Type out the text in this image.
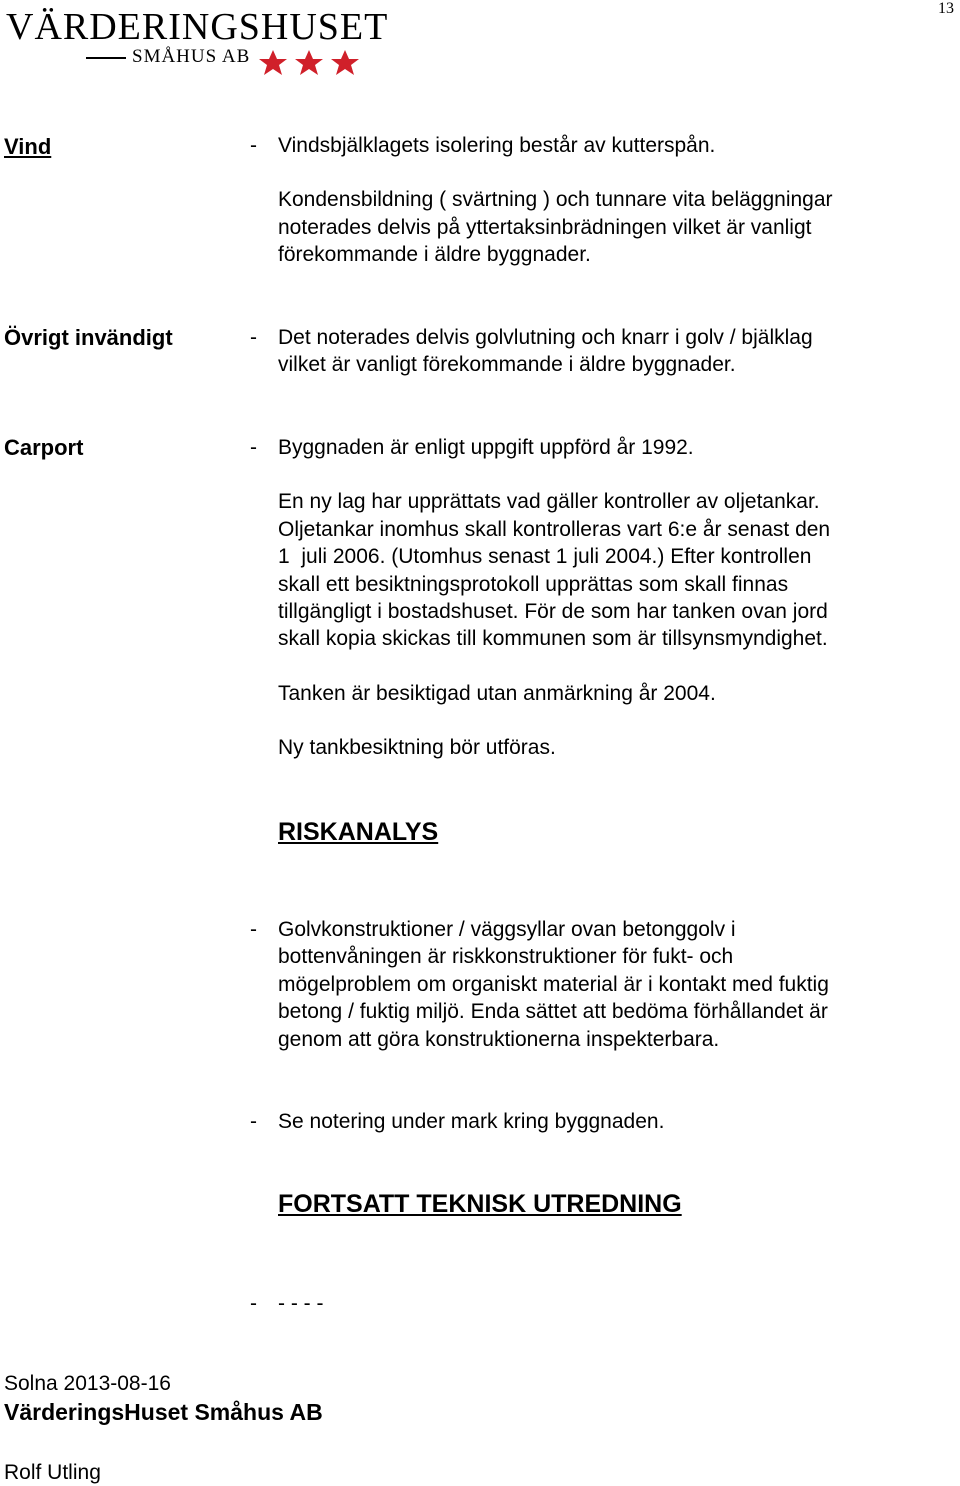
13
VÄRDERINGSHUSET
SMÅHUS AB
Vind	- Vindsbjälklagets isolering består av kutterspån.
Kondensbildning ( svärtning ) och tunnare vita beläggningar
noterades delvis på yttertaksinbrädningen vilket är vanligt
förekommande i äldre byggnader.
Övrigt invändigt	- Det noterades delvis golvlutning och knarr i golv / bjälklag
vilket är vanligt förekommande i äldre byggnader.
Carport	- Byggnaden är enligt uppgift uppförd år 1992.
En ny lag har upprättats vad gäller kontroller av oljetankar.
Oljetankar inomhus skall kontrolleras vart 6:e år senast den
1  juli 2006. (Utomhus senast 1 juli 2004.) Efter kontrollen
skall ett besiktningsprotokoll upprättas som skall finnas
tillgängligt i bostadshuset. För de som har tanken ovan jord
skall kopia skickas till kommunen som är tillsynsmyndighet.
Tanken är besiktigad utan anmärkning år 2004.
Ny tankbesiktning bör utföras.
RISKANALYS
- Golvkonstruktioner / väggsyllar ovan betonggolv i
bottenvåningen är riskkonstruktioner för fukt- och
mögelproblem om organiskt material är i kontakt med fuktig
betong / fuktig miljö. Enda sättet att bedöma förhållandet är
genom att göra konstruktionerna inspekterbara.
- Se notering under mark kring byggnaden.
FORTSATT TEKNISK UTREDNING
- - - - -
Solna 2013-08-16
VärderingsHuset Småhus AB
Rolf Utling
